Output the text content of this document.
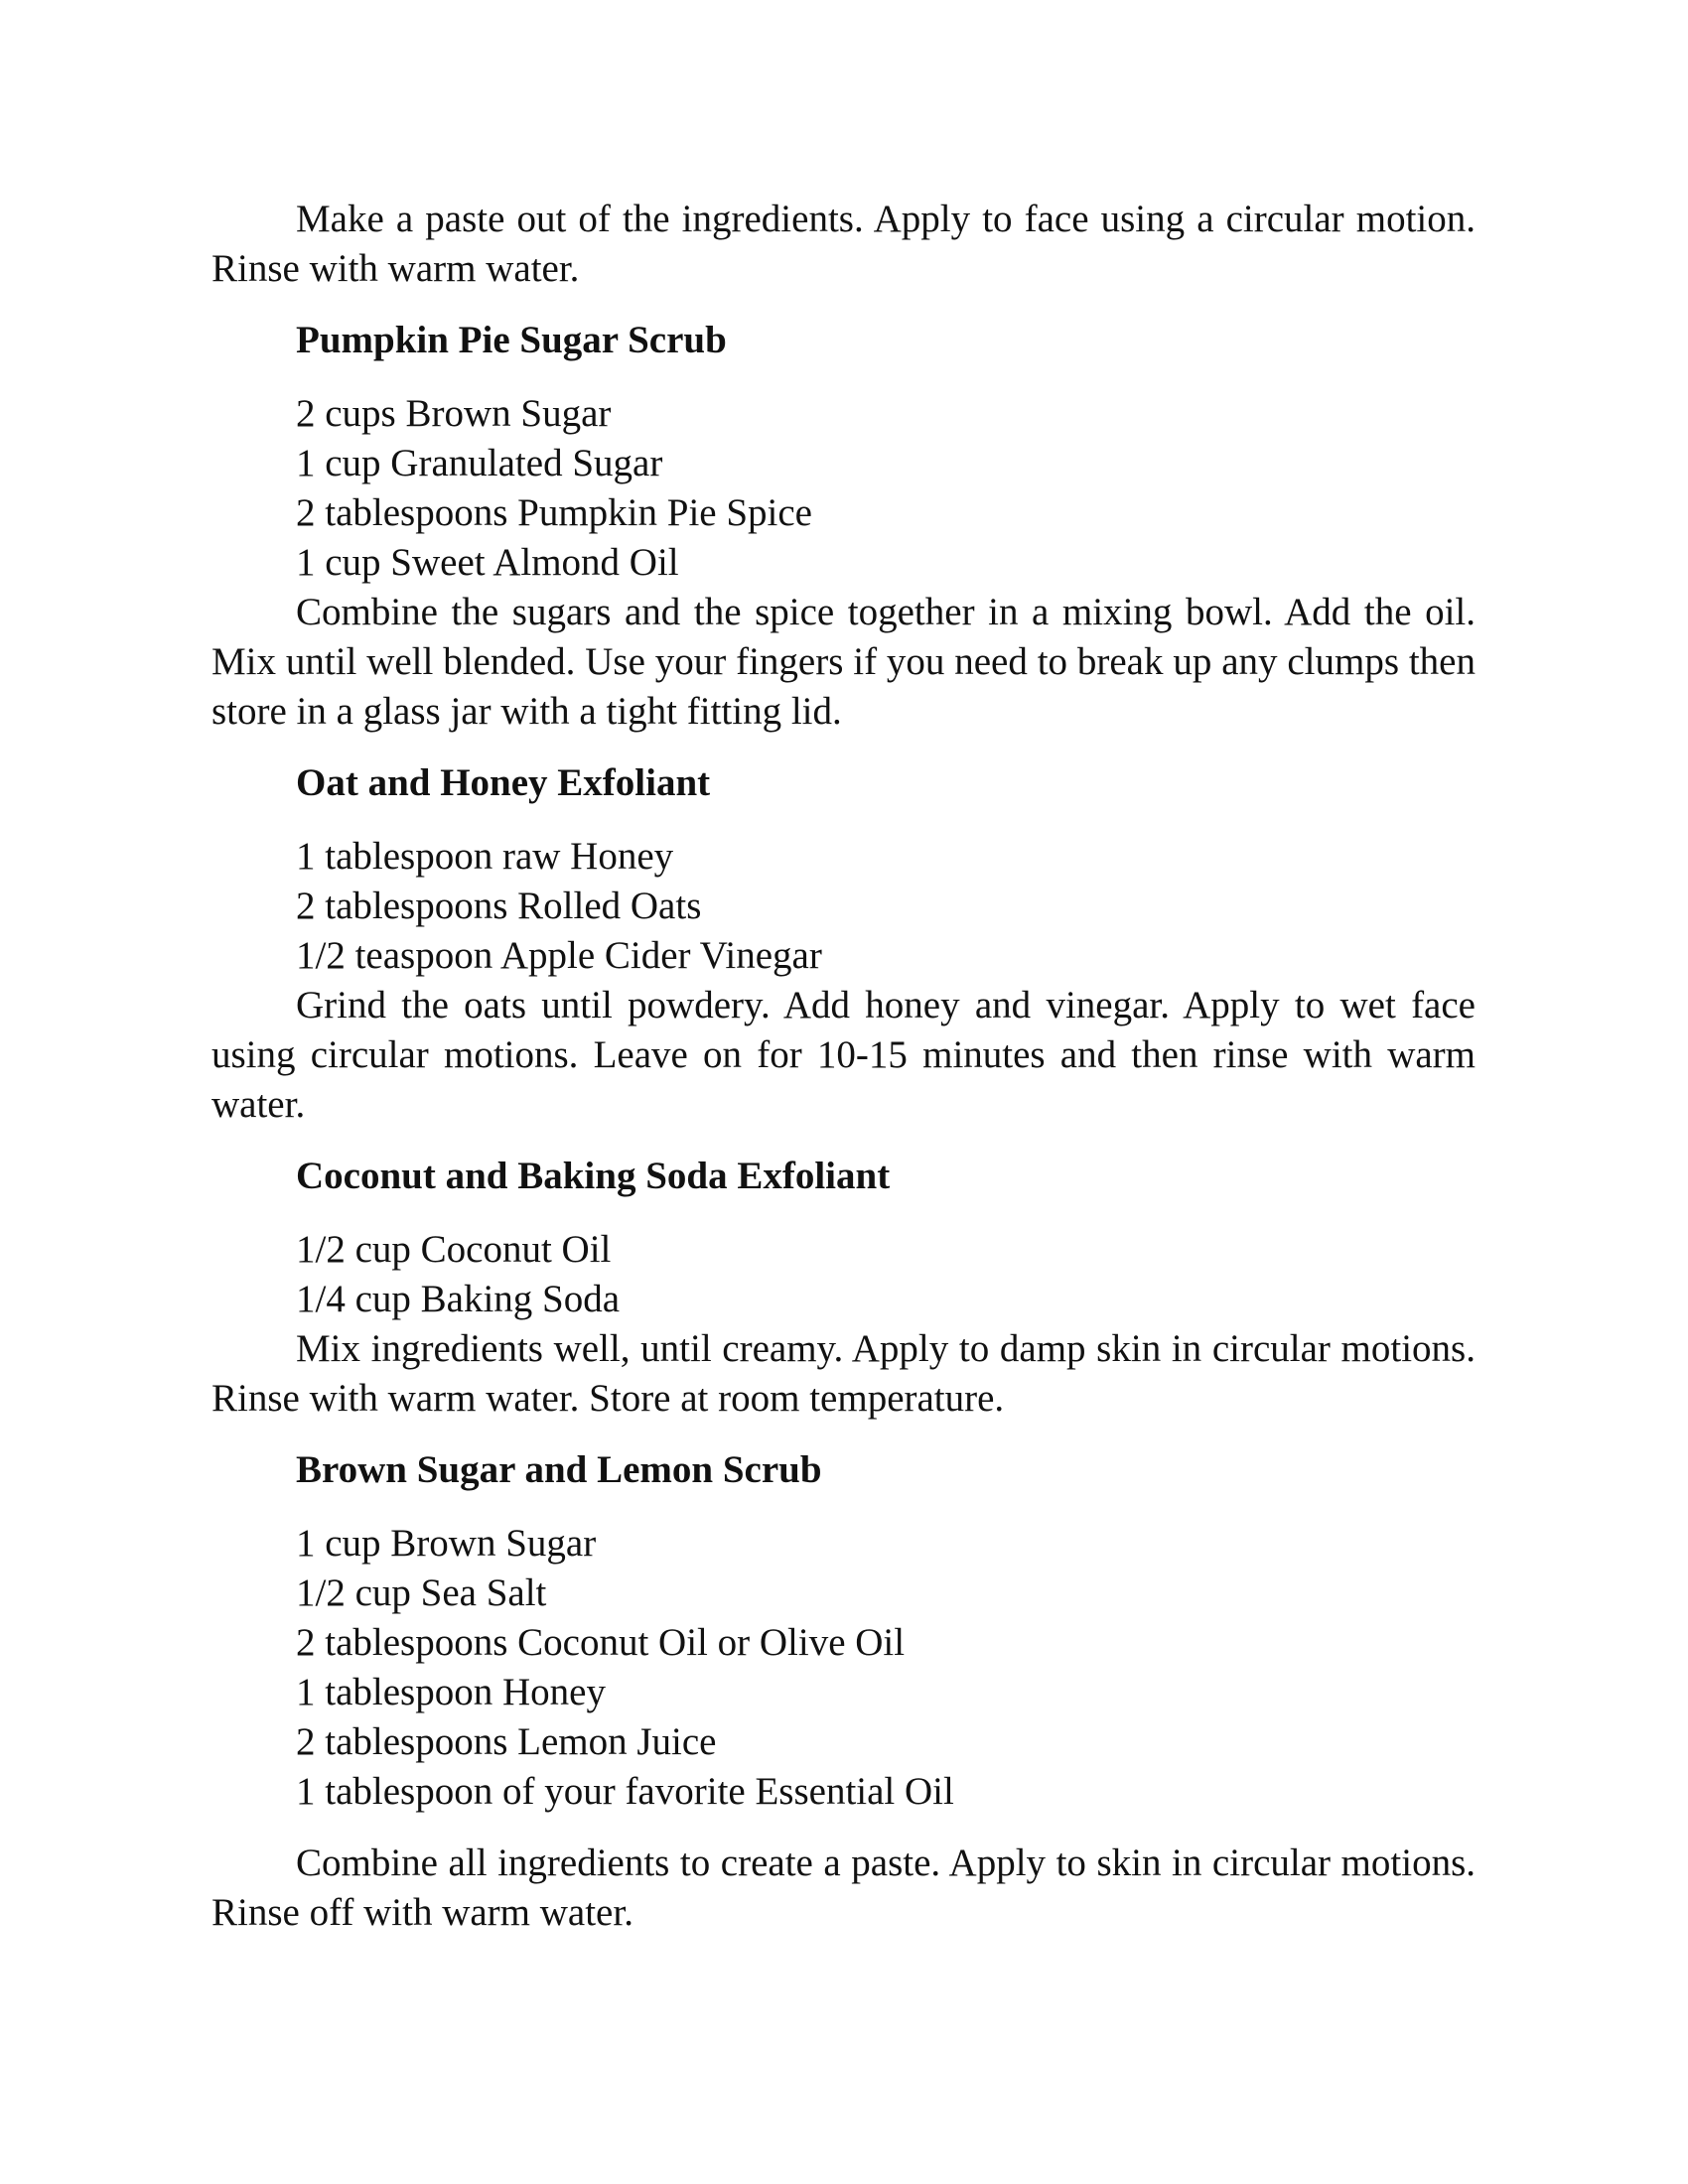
Make a paste out of the ingredients. Apply to face using a circular motion. Rinse with warm water.

Pumpkin Pie Sugar Scrub
2 cups Brown Sugar
1 cup Granulated Sugar
2 tablespoons Pumpkin Pie Spice
1 cup Sweet Almond Oil

Combine the sugars and the spice together in a mixing bowl. Add the oil. Mix until well blended. Use your fingers if you need to break up any clumps then store in a glass jar with a tight fitting lid.

Oat and Honey Exfoliant
1 tablespoon raw Honey
2 tablespoons Rolled Oats
1/2 teaspoon Apple Cider Vinegar

Grind the oats until powdery. Add honey and vinegar. Apply to wet face using circular motions. Leave on for 10-15 minutes and then rinse with warm water.

Coconut and Baking Soda Exfoliant
1/2 cup Coconut Oil
1/4 cup Baking Soda

Mix ingredients well, until creamy. Apply to damp skin in circular motions. Rinse with warm water. Store at room temperature.

Brown Sugar and Lemon Scrub
1 cup Brown Sugar
1/2 cup Sea Salt
2 tablespoons Coconut Oil or Olive Oil
1 tablespoon Honey
2 tablespoons Lemon Juice
1 tablespoon of your favorite Essential Oil

Combine all ingredients to create a paste. Apply to skin in circular motions. Rinse off with warm water.
